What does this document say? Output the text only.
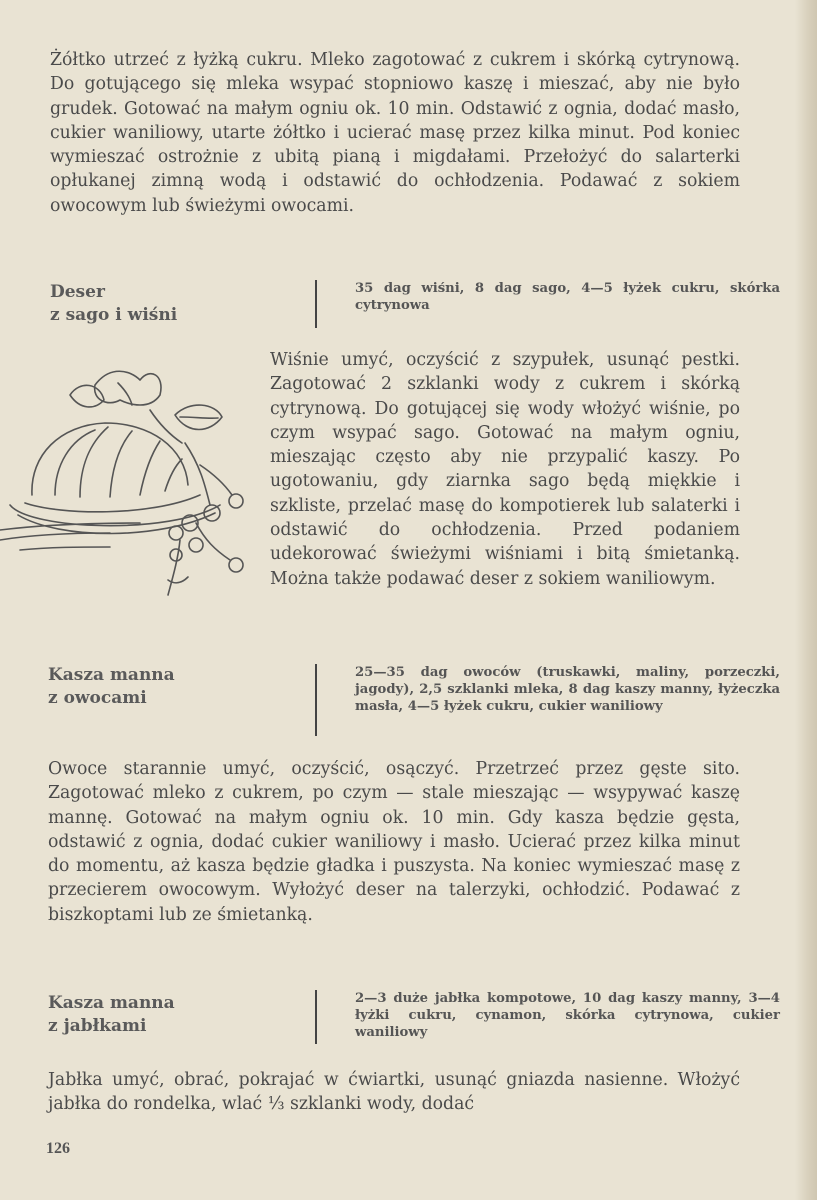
Żółtko utrzeć z łyżką cukru. Mleko zagotować z cukrem i skórką cytrynową. Do gotującego się mleka wsypać stopniowo kaszę i mieszać, aby nie było grudek. Gotować na małym ogniu ok. 10 min. Odstawić z ognia, dodać masło, cukier waniliowy, utarte żółtko i ucierać masę przez kilka minut. Pod koniec wymieszać ostrożnie z ubitą pianą i migdałami. Przełożyć do salarterki opłukanej zimną wodą i odstawić do ochłodzenia. Podawać z sokiem owocowym lub świeżymi owocami.

Deser
z sago i wiśni

35 dag wiśni, 8 dag sago, 4—5 łyżek cukru, skórka cytrynowa

Wiśnie umyć, oczyścić z szypułek, usunąć pestki. Zagotować 2 szklanki wody z cukrem i skórką cytrynową. Do gotującej się wody włożyć wiśnie, po czym wsypać sago. Gotować na małym ogniu, mieszając często aby nie przypalić kaszy. Po ugotowaniu, gdy ziarnka sago będą miękkie i szkliste, przelać masę do kompotierek lub salaterki i odstawić do ochłodzenia. Przed podaniem udekorować świeżymi wiśniami i bitą śmietanką. Można także podawać deser z sokiem waniliowym.

Kasza manna
z owocami

25—35 dag owoców (truskawki, maliny, porzeczki, jagody), 2,5 szklanki mleka, 8 dag kaszy manny, łyżeczka masła, 4—5 łyżek cukru, cukier waniliowy

Owoce starannie umyć, oczyścić, osączyć. Przetrzeć przez gęste sito. Zagotować mleko z cukrem, po czym — stale mieszając — wsypywać kaszę mannę. Gotować na małym ogniu ok. 10 min. Gdy kasza będzie gęsta, odstawić z ognia, dodać cukier waniliowy i masło. Ucierać przez kilka minut do momentu, aż kasza będzie gładka i puszysta. Na koniec wymieszać masę z przecierem owocowym. Wyłożyć deser na talerzyki, ochłodzić. Podawać z biszkoptami lub ze śmietanką.

Kasza manna
z jabłkami

2—3 duże jabłka kompotowe, 10 dag kaszy manny, 3—4 łyżki cukru, cynamon, skórka cytrynowa, cukier waniliowy

Jabłka umyć, obrać, pokrajać w ćwiartki, usunąć gniazda nasienne. Włożyć jabłka do rondelka, wlać ⅓ szklanki wody, dodać

126
